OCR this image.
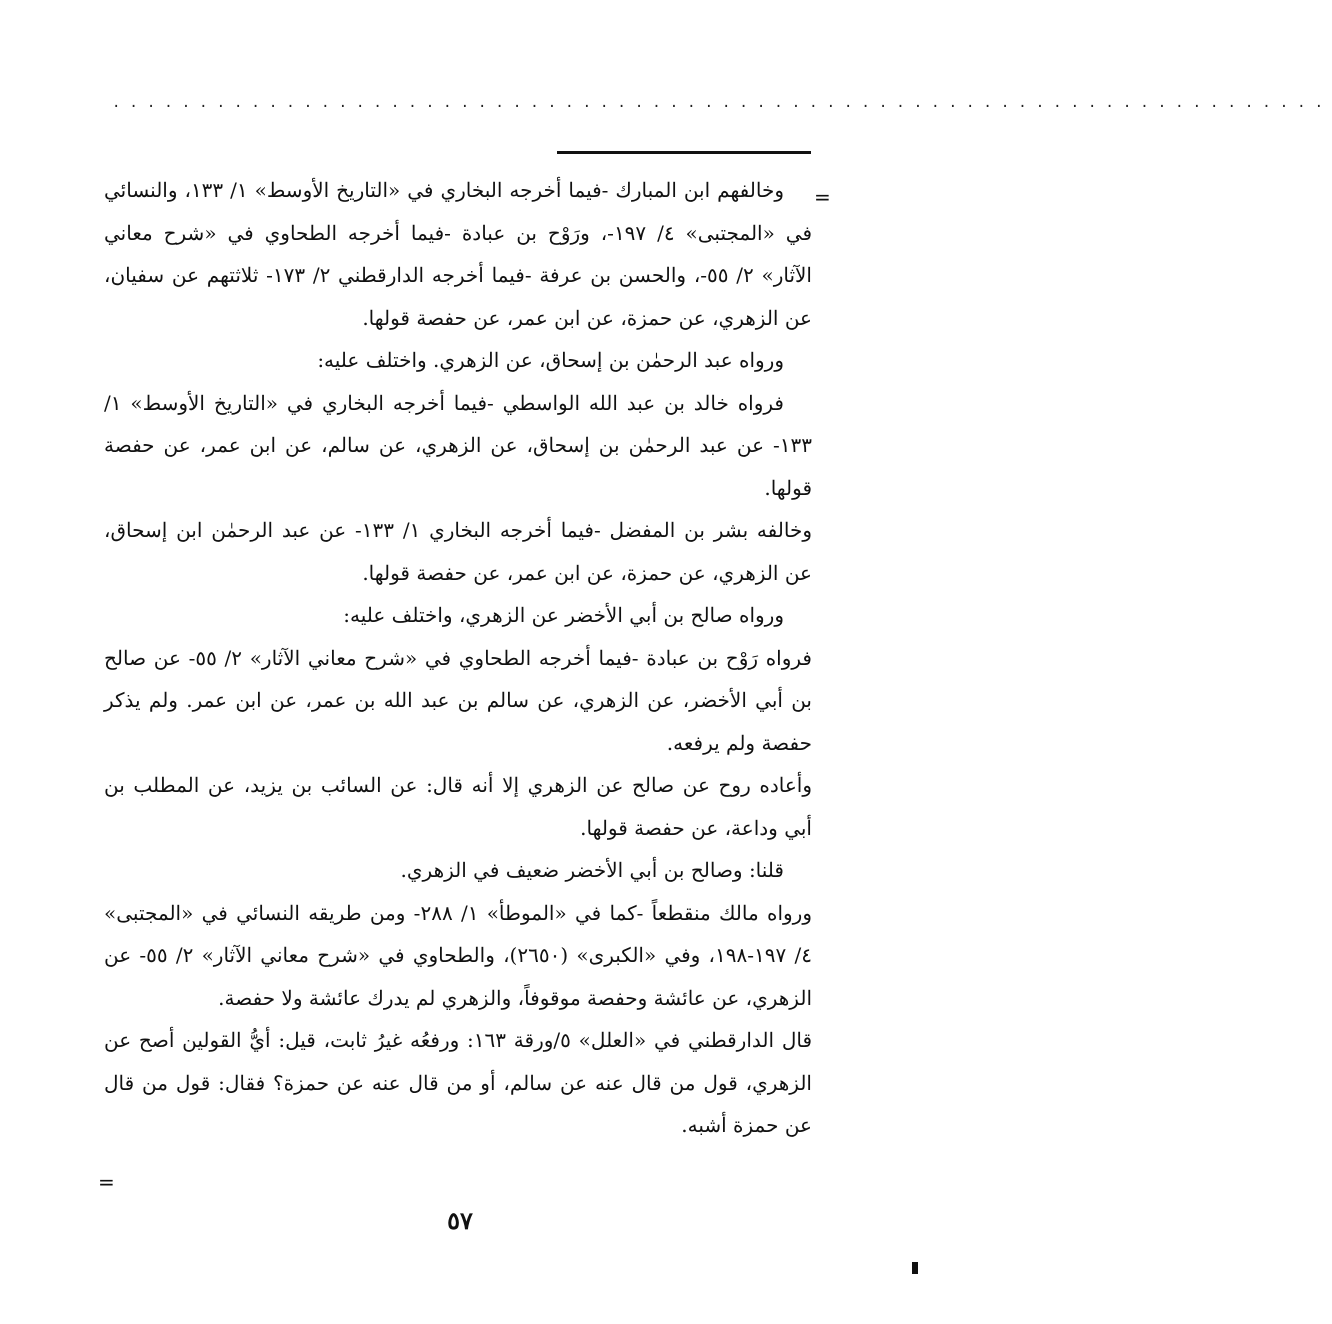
......................................................................
=

وخالفهم ابن المبارك -فيما أخرجه البخاري في «التاريخ الأوسط» ١/ ١٣٣، والنسائي في «المجتبى» ٤/ ١٩٧-، ورَوْح بن عبادة -فيما أخرجه الطحاوي في «شرح معاني الآثار» ٢/ ٥٥-، والحسن بن عرفة -فيما أخرجه الدارقطني ٢/ ١٧٣- ثلاثتهم عن سفيان، عن الزهري، عن حمزة، عن ابن عمر، عن حفصة قولها.

ورواه عبد الرحمٰن بن إسحاق، عن الزهري. واختلف عليه:

فرواه خالد بن عبد الله الواسطي -فيما أخرجه البخاري في «التاريخ الأوسط» ١/ ١٣٣- عن عبد الرحمٰن بن إسحاق، عن الزهري، عن سالم، عن ابن عمر، عن حفصة قولها.

وخالفه بشر بن المفضل -فيما أخرجه البخاري ١/ ١٣٣- عن عبد الرحمٰن ابن إسحاق، عن الزهري، عن حمزة، عن ابن عمر، عن حفصة قولها.

ورواه صالح بن أبي الأخضر عن الزهري، واختلف عليه:

فرواه رَوْح بن عبادة -فيما أخرجه الطحاوي في «شرح معاني الآثار» ٢/ ٥٥- عن صالح بن أبي الأخضر، عن الزهري، عن سالم بن عبد الله بن عمر، عن ابن عمر. ولم يذكر حفصة ولم يرفعه.

وأعاده روح عن صالح عن الزهري إلا أنه قال: عن السائب بن يزيد، عن المطلب بن أبي وداعة، عن حفصة قولها.

قلنا: وصالح بن أبي الأخضر ضعيف في الزهري.

ورواه مالك منقطعاً -كما في «الموطأ» ١/ ٢٨٨- ومن طريقه النسائي في «المجتبى» ٤/ ١٩٧-١٩٨، وفي «الكبرى» (٢٦٥٠)، والطحاوي في «شرح معاني الآثار» ٢/ ٥٥- عن الزهري، عن عائشة وحفصة موقوفاً، والزهري لم يدرك عائشة ولا حفصة.

قال الدارقطني في «العلل» ٥/ورقة ١٦٣: ورفعُه غيرُ ثابت، قيل: أيُّ القولين أصح عن الزهري، قول من قال عنه عن سالم، أو من قال عنه عن حمزة؟ فقال: قول من قال عن حمزة أشبه.

=
٥٧
